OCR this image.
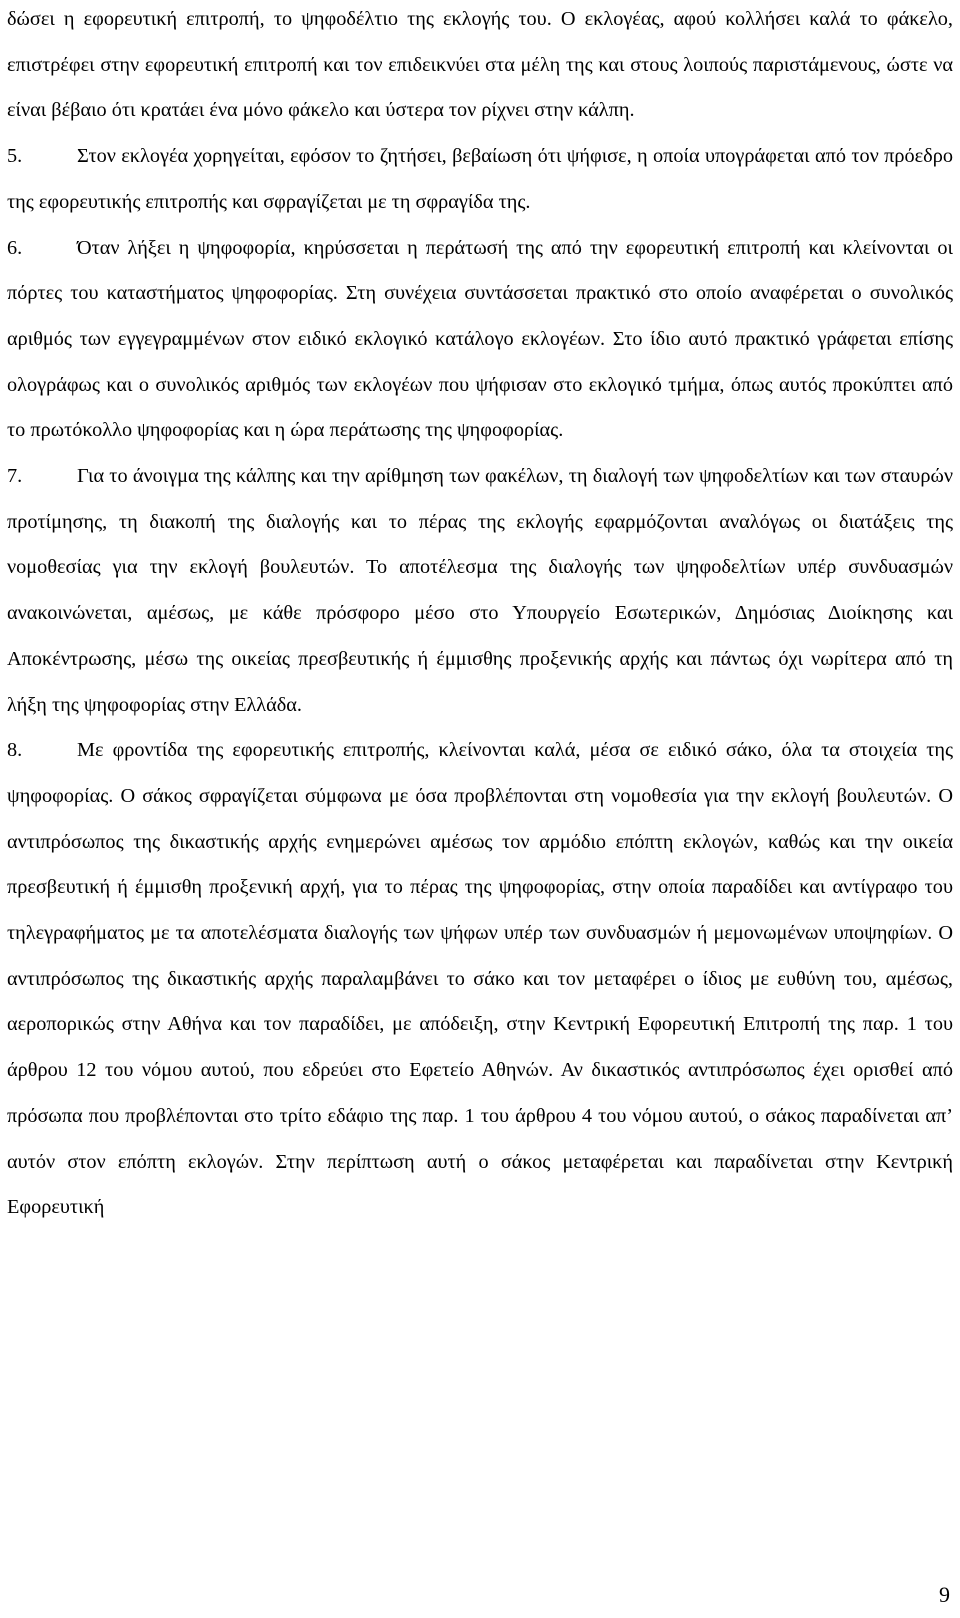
δώσει η εφορευτική επιτροπή, το ψηφοδέλτιο της εκλογής του. Ο εκλογέας, αφού κολλήσει καλά το φάκελο, επιστρέφει στην εφορευτική επιτροπή και τον επιδεικνύει στα μέλη της και στους λοιπούς παριστάμενους, ώστε να είναι βέβαιο ότι κρατάει ένα μόνο φάκελο και ύστερα τον ρίχνει στην κάλπη.

5.	Στον εκλογέα χορηγείται, εφόσον το ζητήσει, βεβαίωση ότι ψήφισε, η οποία υπογράφεται από τον πρόεδρο της εφορευτικής επιτροπής και σφραγίζεται με τη σφραγίδα της.

6.	Όταν λήξει η ψηφοφορία, κηρύσσεται η περάτωσή της από την εφορευτική επιτροπή και κλείνονται οι πόρτες του καταστήματος ψηφοφορίας. Στη συνέχεια συντάσσεται πρακτικό στο οποίο αναφέρεται ο συνολικός αριθμός των εγγεγραμμένων στον ειδικό εκλογικό κατάλογο εκλογέων. Στο ίδιο αυτό πρακτικό γράφεται επίσης ολογράφως και ο συνολικός αριθμός των εκλογέων που ψήφισαν στο εκλογικό τμήμα, όπως αυτός προκύπτει από το πρωτόκολλο ψηφοφορίας και η ώρα περάτωσης της ψηφοφορίας.

7.	Για το άνοιγμα της κάλπης και την αρίθμηση των φακέλων, τη διαλογή των ψηφοδελτίων και των σταυρών προτίμησης, τη διακοπή της διαλογής και το πέρας της εκλογής εφαρμόζονται αναλόγως οι διατάξεις της νομοθεσίας για την εκλογή βουλευτών. Το αποτέλεσμα της διαλογής των ψηφοδελτίων υπέρ συνδυασμών ανακοινώνεται, αμέσως, με κάθε πρόσφορο μέσο στο Υπουργείο Εσωτερικών, Δημόσιας Διοίκησης και Αποκέντρωσης, μέσω της οικείας πρεσβευτικής ή έμμισθης προξενικής αρχής και πάντως όχι νωρίτερα από τη λήξη της ψηφοφορίας στην Ελλάδα.

8.	Με φροντίδα της εφορευτικής επιτροπής, κλείνονται καλά, μέσα σε ειδικό σάκο, όλα τα στοιχεία της ψηφοφορίας. Ο σάκος σφραγίζεται σύμφωνα με όσα προβλέπονται στη νομοθεσία για την εκλογή βουλευτών. Ο αντιπρόσωπος της δικαστικής αρχής ενημερώνει αμέσως τον αρμόδιο επόπτη εκλογών, καθώς και την οικεία πρεσβευτική ή έμμισθη προξενική αρχή, για το πέρας της ψηφοφορίας, στην οποία παραδίδει και αντίγραφο του τηλεγραφήματος με τα αποτελέσματα διαλογής των ψήφων υπέρ των συνδυασμών ή μεμονωμένων υποψηφίων. Ο αντιπρόσωπος της δικαστικής αρχής παραλαμβάνει το σάκο και τον μεταφέρει ο ίδιος με ευθύνη του, αμέσως, αεροπορικώς στην Αθήνα και τον παραδίδει, με απόδειξη, στην Κεντρική Εφορευτική Επιτροπή της παρ. 1 του άρθρου 12 του νόμου αυτού, που εδρεύει στο Εφετείο Αθηνών. Αν δικαστικός αντιπρόσωπος έχει ορισθεί από πρόσωπα που προβλέπονται στο τρίτο εδάφιο της παρ. 1 του άρθρου 4 του νόμου αυτού, ο σάκος παραδίνεται απ’ αυτόν στον επόπτη εκλογών. Στην περίπτωση αυτή ο σάκος μεταφέρεται και παραδίνεται στην Κεντρική Εφορευτική

9
